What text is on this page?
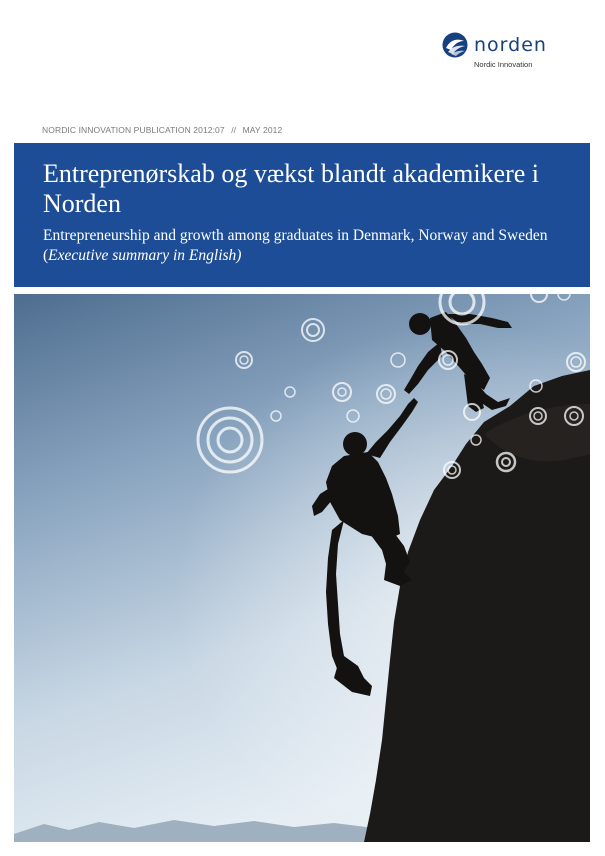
norden
Nordic Innovation
NORDIC INNOVATION PUBLICATION 2012:07 // MAY 2012
Entreprenørskab og vækst blandt akademikere i Norden

Entrepreneurship and growth among graduates in Denmark, Norway and Sweden (Executive summary in English)
